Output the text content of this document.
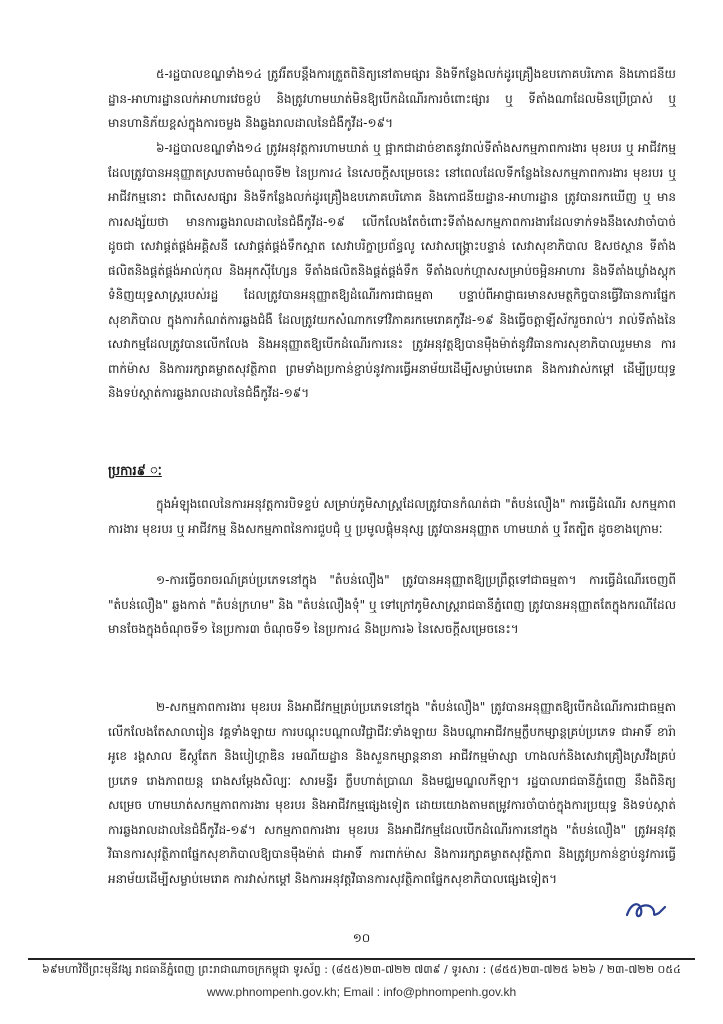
៥-រដ្ឋបាលខណ្ឌទាំង១៤ ត្រូវរឹតបន្តឹងការត្រួតពិនិត្យនៅតាមផ្សារ និងទីកន្លែងលក់ដូរគ្រឿងឧបភោគបរិភោគ និងភោជនីយដ្ឋាន-អាហារដ្ឋានលក់អាហារវេចខ្ចប់ និងត្រូវហាមឃាត់មិនឱ្យបើកដំណើរការចំពោះផ្សារ ឬ ទីតាំងណាដែលមិនប្រើប្រាស់ ឬ មានហានិភ័យខ្ពស់ក្នុងការចម្លង និងឆ្លងរាលដាលនៃជំងឺកូវីដ-១៩។

៦-រដ្ឋបាលខណ្ឌទាំង១៤ ត្រូវអនុវត្តការហាមឃាត់ ឬ ផ្អាកជាដាច់ខាតនូវរាល់ទីតាំងសកម្មភាពការងារ មុខរបរ ឬ អាជីវកម្ម ដែលត្រូវបានអនុញ្ញាតស្របតាមចំណុចទី២ នៃប្រការ៤ នៃសេចក្តីសម្រេចនេះ នៅពេលដែលទីកន្លែងនៃសកម្មភាពការងារ មុខរបរ ឬ អាជីវកម្មនោះ ជាពិសេសផ្សារ និងទីកន្លែងលក់ដូរគ្រឿងឧបភោគបរិភោគ និងភោជនីយដ្ឋាន-អាហារដ្ឋាន ត្រូវបានរកឃើញ ឬ មានការសង្ស័យថា មានការឆ្លងរាលដាលនៃជំងឺកូវីដ-១៩ លើកលែងតែចំពោះទីតាំងសកម្មភាពការងារដែលទាក់ទងនឹងសេវាចាំបាច់ ដូចជា សេវាផ្គត់ផ្គង់អគ្គិសនី សេវាផ្គត់ផ្គង់ទឹកស្អាត សេវាបរិក្ខាប្រព័ន្ធលូ សេវាសង្គ្រោះបន្ទាន់ សេវាសុខាភិបាល ឱសថស្ថាន ទីតាំងផលិតនិងផ្គត់ផ្គង់អាល់កុល និងអុកស៊ីហ្សែន ទីតាំងផលិតនិងផ្គត់ផ្គង់ទឹក ទីតាំងលក់ហ្គាសសម្រាប់ចម្អិនអាហារ និងទីតាំងឃ្លាំងស្តុកទំនិញយុទ្ធសាស្ត្ររបស់រដ្ឋ ដែលត្រូវបានអនុញ្ញាតឱ្យដំណើរការជាធម្មតា បន្ទាប់ពីអាជ្ញាធរមានសមត្ថកិច្ចបានធ្វើវិធានការផ្នែកសុខាភិបាល ក្នុងការកំណត់ការឆ្លងជំងឺ ដែលត្រូវយកសំណាកទៅវិភាគរកមេរោគកូវីដ-១៩ និងធ្វើចត្តាឡីស័ករួចរាល់។ រាល់ទីតាំងនៃសេវាកម្មដែលត្រូវបានលើកលែង និងអនុញ្ញាតឱ្យបើកដំណើរការនេះ ត្រូវអនុវត្តឱ្យបានម៉ឺងម៉ាត់នូវវិធានការសុខាភិបាលរួមមាន ការពាក់ម៉ាស និងការរក្សាគម្លាតសុវត្ថិភាព ព្រមទាំងប្រកាន់ខ្ជាប់នូវការធ្វើអនាម័យដើម្បីសម្លាប់មេរោគ និងការវាស់កម្តៅ ដើម្បីប្រយុទ្ធនិងទប់ស្កាត់ការឆ្លងរាលដាលនៃជំងឺកូវីដ-១៩។

ប្រការ៩ ៈ

ក្នុងអំឡុងពេលនៃការអនុវត្តការបិទខ្ទប់ សម្រាប់ភូមិសាស្ត្រដែលត្រូវបានកំណត់ជា "តំបន់លឿង" ការធ្វើដំណើរ សកម្មភាពការងារ មុខរបរ ឬ អាជីវកម្ម និងសកម្មភាពនៃការជួបជុំ ឬ ប្រមូលផ្តុំមនុស្ស ត្រូវបានអនុញ្ញាត ហាមឃាត់ ឬ រឹតត្បិត ដូចខាងក្រោមៈ

១-ការធ្វើចរាចរណ៍គ្រប់ប្រភេទនៅក្នុង "តំបន់លឿង" ត្រូវបានអនុញ្ញាតឱ្យប្រព្រឹត្តទៅជាធម្មតា។ ការធ្វើដំណើរចេញពី "តំបន់លឿង" ឆ្លងកាត់ "តំបន់ក្រហម" និង "តំបន់លឿងទុំ" ឬ ទៅក្រៅភូមិសាស្ត្ររាជធានីភ្នំពេញ ត្រូវបានអនុញ្ញាតតែក្នុងករណីដែលមានចែងក្នុងចំណុចទី១ នៃប្រការ៣ ចំណុចទី១ នៃប្រការ៤ និងប្រការ៦ នៃសេចក្តីសម្រេចនេះ។

២-សកម្មភាពការងារ មុខរបរ និងអាជីវកម្មគ្រប់ប្រភេទនៅក្នុង "តំបន់លឿង" ត្រូវបានអនុញ្ញាតឱ្យបើកដំណើរការជាធម្មតា លើកលែងតែសាលារៀន វគ្គទាំងឡាយ ការបណ្តុះបណ្តាលវិជ្ជាជីវៈទាំងឡាយ និងបណ្តាអាជីវកម្មក្លឹបកម្សាន្តគ្រប់ប្រភេទ ជាអាទិ៍ ខារ៉ាអូខេ រង្គសាល ឌីស្កូតែក និងបៀហ្គាឌិន រមណីយដ្ឋាន និងសួនកម្សាន្តនានា អាជីវកម្មម៉ាស្សា ហាងលក់និងសេវាគ្រឿងស្រវឹងគ្រប់ប្រភេទ រោងភាពយន្ត រោងសម្តែងសិល្បៈ សារមន្ទីរ ក្លឹបហាត់ប្រាណ និងមជ្ឈមណ្ឌលកីឡា។ រដ្ឋបាលរាជធានីភ្នំពេញ នឹងពិនិត្យសម្រេច ហាមឃាត់សកម្មភាពការងារ មុខរបរ និងអាជីវកម្មផ្សេងទៀត ដោយយោងតាមតម្រូវការចាំបាច់ក្នុងការប្រយុទ្ធ និងទប់ស្កាត់ការឆ្លងរាលដាលនៃជំងឺកូវីដ-១៩។ សកម្មភាពការងារ មុខរបរ និងអាជីវកម្មដែលបើកដំណើរការនៅក្នុង "តំបន់លឿង" ត្រូវអនុវត្តវិធានការសុវត្ថិភាពផ្នែកសុខាភិបាលឱ្យបានម៉ឺងម៉ាត់ ជាអាទិ៍ ការពាក់ម៉ាស និងការរក្សាគម្លាតសុវត្ថិភាព និងត្រូវប្រកាន់ខ្ជាប់នូវការធ្វើអនាម័យដើម្បីសម្លាប់មេរោគ ការវាស់កម្តៅ និងការអនុវត្តវិធានការសុវត្ថិភាពផ្នែកសុខាភិបាលផ្សេងទៀត។

១០

៦៩មហាវិថីព្រះមុនីវង្ស រាជធានីភ្នំពេញ ព្រះរាជាណាចក្រកម្ពុជា ទូរស័ព្ទ : (៨៥៥)២៣-៧២២ ៧៣៩ / ទូរសារ : (៨៥៥)២៣-៧២៥ ៦២៦ / ២៣-៧២២ ០៥៤

www.phnompenh.gov.kh; Email : info@phnompenh.gov.kh
